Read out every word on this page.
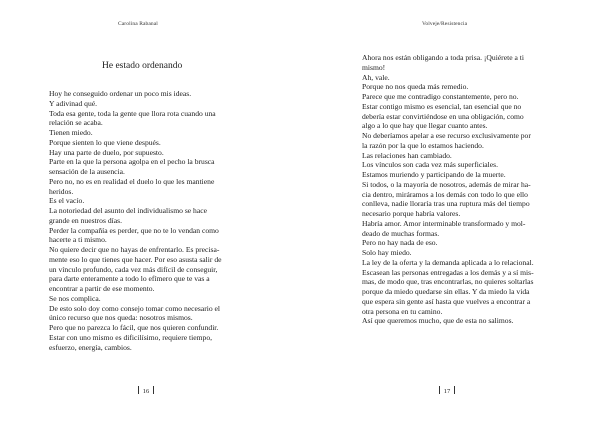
Carolina Rabanal
He estado ordenando

Hoy he conseguido ordenar un poco mis ideas.

Y adivinad qué.

Toda esa gente, toda la gente que llora rota cuando una

relación se acaba.

Tienen miedo.

Porque sienten lo que viene después.

Hay una parte de duelo, por supuesto.

Parte en la que la persona agolpa en el pecho la brusca

sensación de la ausencia.

Pero no, no es en realidad el duelo lo que les mantiene

heridos.

Es el vacío.

La notoriedad del asunto del individualismo se hace

grande en nuestros días.

Perder la compañía es perder, que no te lo vendan como

hacerte a ti mismo.

No quiere decir que no hayas de enfrentarlo. Es precisa-

mente eso lo que tienes que hacer. Por eso asusta salir de

un vínculo profundo, cada vez más difícil de conseguir,

para darte enteramente a todo lo efímero que te vas a

encontrar a partir de ese momento.

Se nos complica.

De esto solo doy como consejo tomar como necesario el

único recurso que nos queda: nosotros mismos.

Pero que no parezca lo fácil, que nos quieren confundir.

Estar con uno mismo es dificilísimo, requiere tiempo,

esfuerzo, energía, cambios.

16
Volveje/Resistencia

Ahora nos están obligando a toda prisa. ¡Quiérete a ti

mismo!

Ah, vale.

Porque no nos queda más remedio.

Parece que me contradigo constantemente, pero no.

Estar contigo mismo es esencial, tan esencial que no

debería estar convirtiéndose en una obligación, como

algo a lo que hay que llegar cuanto antes.

No deberíamos apelar a ese recurso exclusivamente por

la razón por la que lo estamos haciendo.

Las relaciones han cambiado.

Los vínculos son cada vez más superficiales.

Estamos muriendo y participando de la muerte.

Si todos, o la mayoría de nosotros, además de mirar ha-

cia dentro, miráramos a los demás con todo lo que ello

conlleva, nadie lloraría tras una ruptura más del tiempo

necesario porque habría valores.

Habría amor. Amor interminable transformado y mol-

deado de muchas formas.

Pero no hay nada de eso.

Solo hay miedo.

La ley de la oferta y la demanda aplicada a lo relacional.

Escasean las personas entregadas a los demás y a sí mis-

mas, de modo que, tras encontrarlas, no quieres soltarlas

porque da miedo quedarse sin ellas. Y da miedo la vida

que espera sin gente así hasta que vuelves a encontrar a

otra persona en tu camino.

Así que queremos mucho, que de esta no salimos.

17
